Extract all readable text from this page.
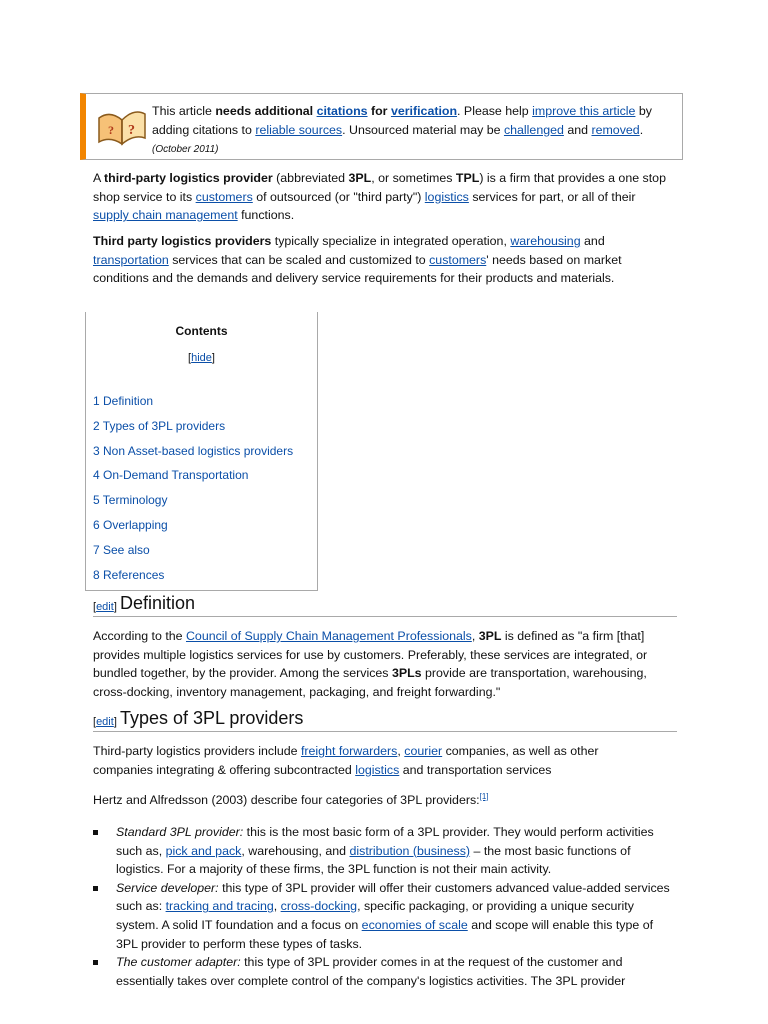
?
?
This article needs additional citations for verification. Please help improve this article by adding citations to reliable sources. Unsourced material may be challenged and removed. (October 2011)

A third-party logistics provider (abbreviated 3PL, or sometimes TPL) is a firm that provides a one stop shop service to its customers of outsourced (or "third party") logistics services for part, or all of their supply chain management functions.

Third party logistics providers typically specialize in integrated operation, warehousing and transportation services that can be scaled and customized to customers' needs based on market conditions and the demands and delivery service requirements for their products and materials.

Contents
[hide]
1 Definition
2 Types of 3PL providers
3 Non Asset-based logistics providers
4 On-Demand Transportation
5 Terminology
6 Overlapping
7 See also
8 References
[edit] Definition

According to the Council of Supply Chain Management Professionals, 3PL is defined as "a firm [that] provides multiple logistics services for use by customers. Preferably, these services are integrated, or bundled together, by the provider. Among the services 3PLs provide are transportation, warehousing, cross-docking, inventory management, packaging, and freight forwarding."

[edit] Types of 3PL providers

Third-party logistics providers include freight forwarders, courier companies, as well as other companies integrating & offering subcontracted logistics and transportation services

Hertz and Alfredsson (2003) describe four categories of 3PL providers:[1]

Standard 3PL provider: this is the most basic form of a 3PL provider. They would perform activities such as, pick and pack, warehousing, and distribution (business) – the most basic functions of logistics. For a majority of these firms, the 3PL function is not their main activity.
Service developer: this type of 3PL provider will offer their customers advanced value-added services such as: tracking and tracing, cross-docking, specific packaging, or providing a unique security system. A solid IT foundation and a focus on economies of scale and scope will enable this type of 3PL provider to perform these types of tasks.
The customer adapter: this type of 3PL provider comes in at the request of the customer and essentially takes over complete control of the company's logistics activities. The 3PL provider
